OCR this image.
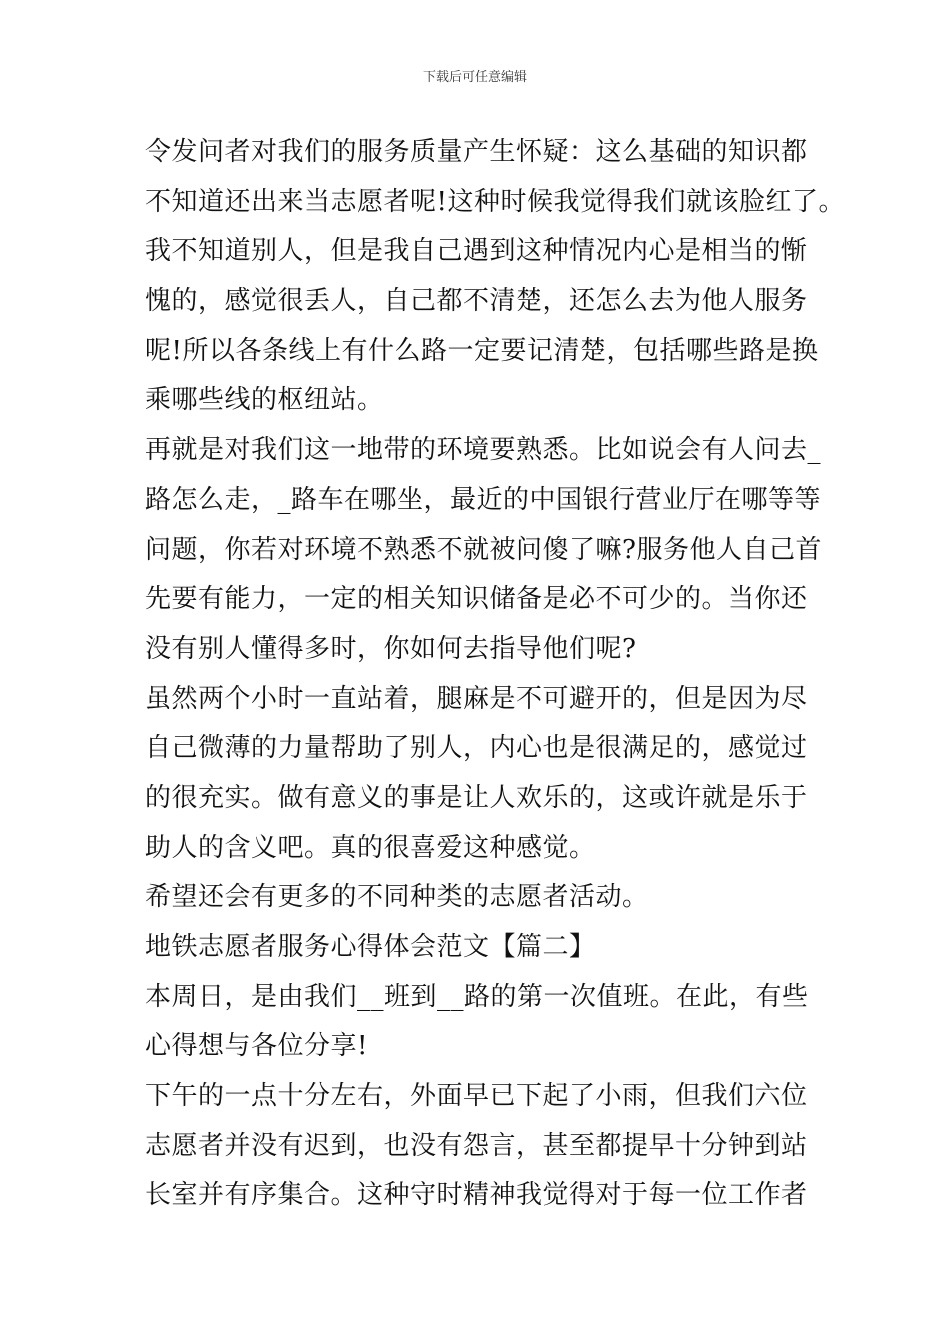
下载后可任意编辑
令发问者对我们的服务质量产生怀疑：这么基础的知识都
不知道还出来当志愿者呢!这种时候我觉得我们就该脸红了。
我不知道别人，但是我自己遇到这种情况内心是相当的惭
愧的，感觉很丢人，自己都不清楚，还怎么去为他人服务
呢!所以各条线上有什么路一定要记清楚，包括哪些路是换
乘哪些线的枢纽站。
再就是对我们这一地带的环境要熟悉。比如说会有人问去_
路怎么走，_路车在哪坐，最近的中国银行营业厅在哪等等
问题，你若对环境不熟悉不就被问傻了嘛?服务他人自己首
先要有能力，一定的相关知识储备是必不可少的。当你还
没有别人懂得多时，你如何去指导他们呢?
虽然两个小时一直站着，腿麻是不可避开的，但是因为尽
自己微薄的力量帮助了别人，内心也是很满足的，感觉过
的很充实。做有意义的事是让人欢乐的，这或许就是乐于
助人的含义吧。真的很喜爱这种感觉。
希望还会有更多的不同种类的志愿者活动。
地铁志愿者服务心得体会范文【篇二】
本周日，是由我们__班到__路的第一次值班。在此，有些
心得想与各位分享!
下午的一点十分左右，外面早已下起了小雨，但我们六位
志愿者并没有迟到，也没有怨言，甚至都提早十分钟到站
长室并有序集合。这种守时精神我觉得对于每一位工作者
